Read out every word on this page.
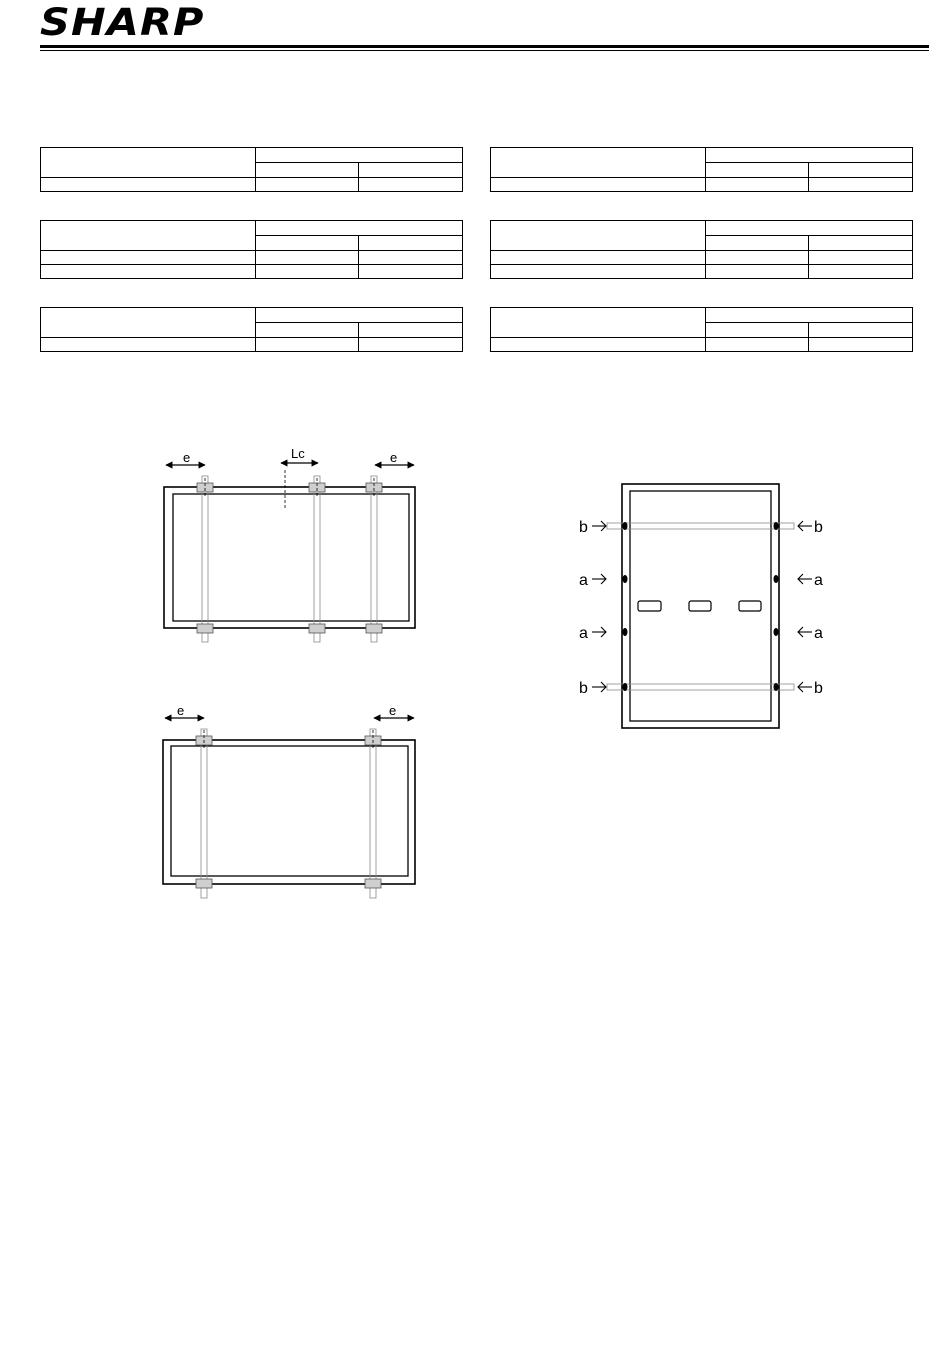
SHARP

e	Lc	e
e	e
b
a
a
b
b
a
a
b
